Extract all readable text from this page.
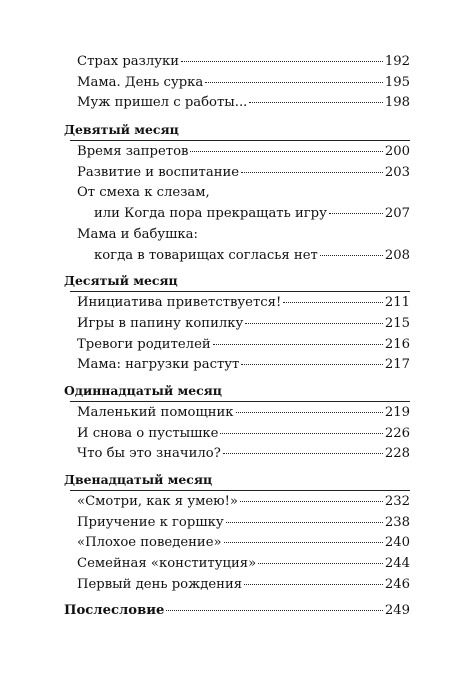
Страх разлуки	192
Мама. День сурка	195
Муж пришел с работы...	198
Девятый месяц
Время запретов	200
Развитие и воспитание	203
От смеха к слезам,
или Когда пора прекращать игру	207
Мама и бабушка:
когда в товарищах согласья нет	208
Десятый месяц
Инициатива приветствуется!	211
Игры в папину копилку	215
Тревоги родителей	216
Мама: нагрузки растут	217
Одиннадцатый месяц
Маленький помощник	219
И снова о пустышке	226
Что бы это значило?	228
Двенадцатый месяц
«Смотри, как я умею!»	232
Приучение к горшку	238
«Плохое поведение»	240
Семейная «конституция»	244
Первый день рождения	246
Послесловие	249
